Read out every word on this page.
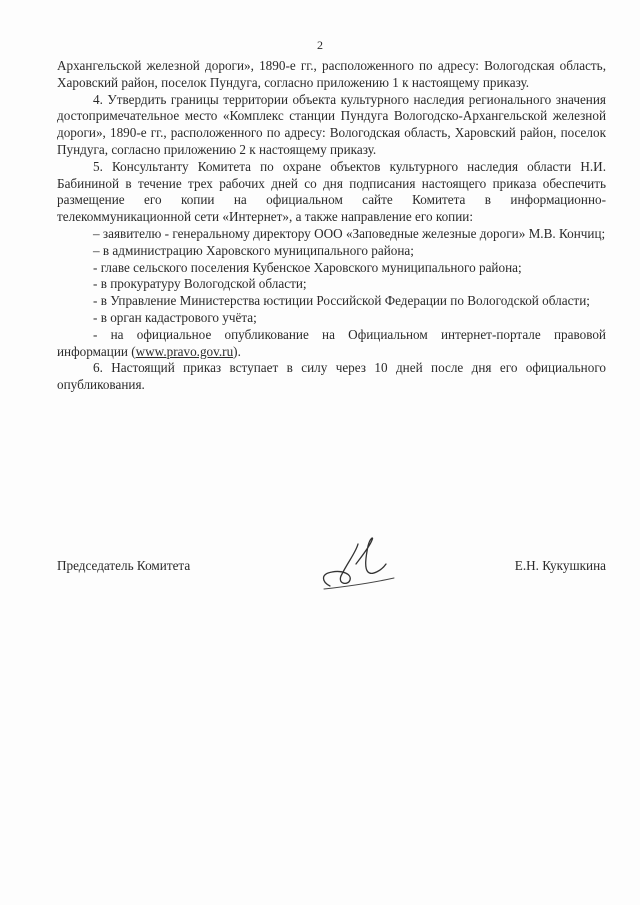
2

Архангельской железной дороги», 1890-е гг., расположенного по адресу: Вологодская область, Харовский район, поселок Пундуга, согласно приложению 1 к настоящему приказу.

4. Утвердить границы территории объекта культурного наследия регионального значения достопримечательное место «Комплекс станции Пундуга Вологодско-Архангельской железной дороги», 1890-е гг., расположенного по адресу: Вологодская область, Харовский район, поселок Пундуга, согласно приложению 2 к настоящему приказу.

5. Консультанту Комитета по охране объектов культурного наследия области Н.И. Бабининой в течение трех рабочих дней со дня подписания настоящего приказа обеспечить размещение его копии на официальном сайте Комитета в информационно-телекоммуникационной сети «Интернет», а также направление его копии:

– заявителю - генеральному директору ООО «Заповедные железные дороги» М.В. Кончиц;

– в администрацию Харовского муниципального района;

- главе сельского поселения Кубенское Харовского муниципального района;

- в прокуратуру Вологодской области;

- в Управление Министерства юстиции Российской Федерации по Вологодской области;

- в орган кадастрового учёта;

- на официальное опубликование на Официальном интернет-портале правовой информации (www.pravo.gov.ru).

6. Настоящий приказ вступает в силу через 10 дней после дня его официального опубликования.

Председатель Комитета	Е.Н. Кукушкина
